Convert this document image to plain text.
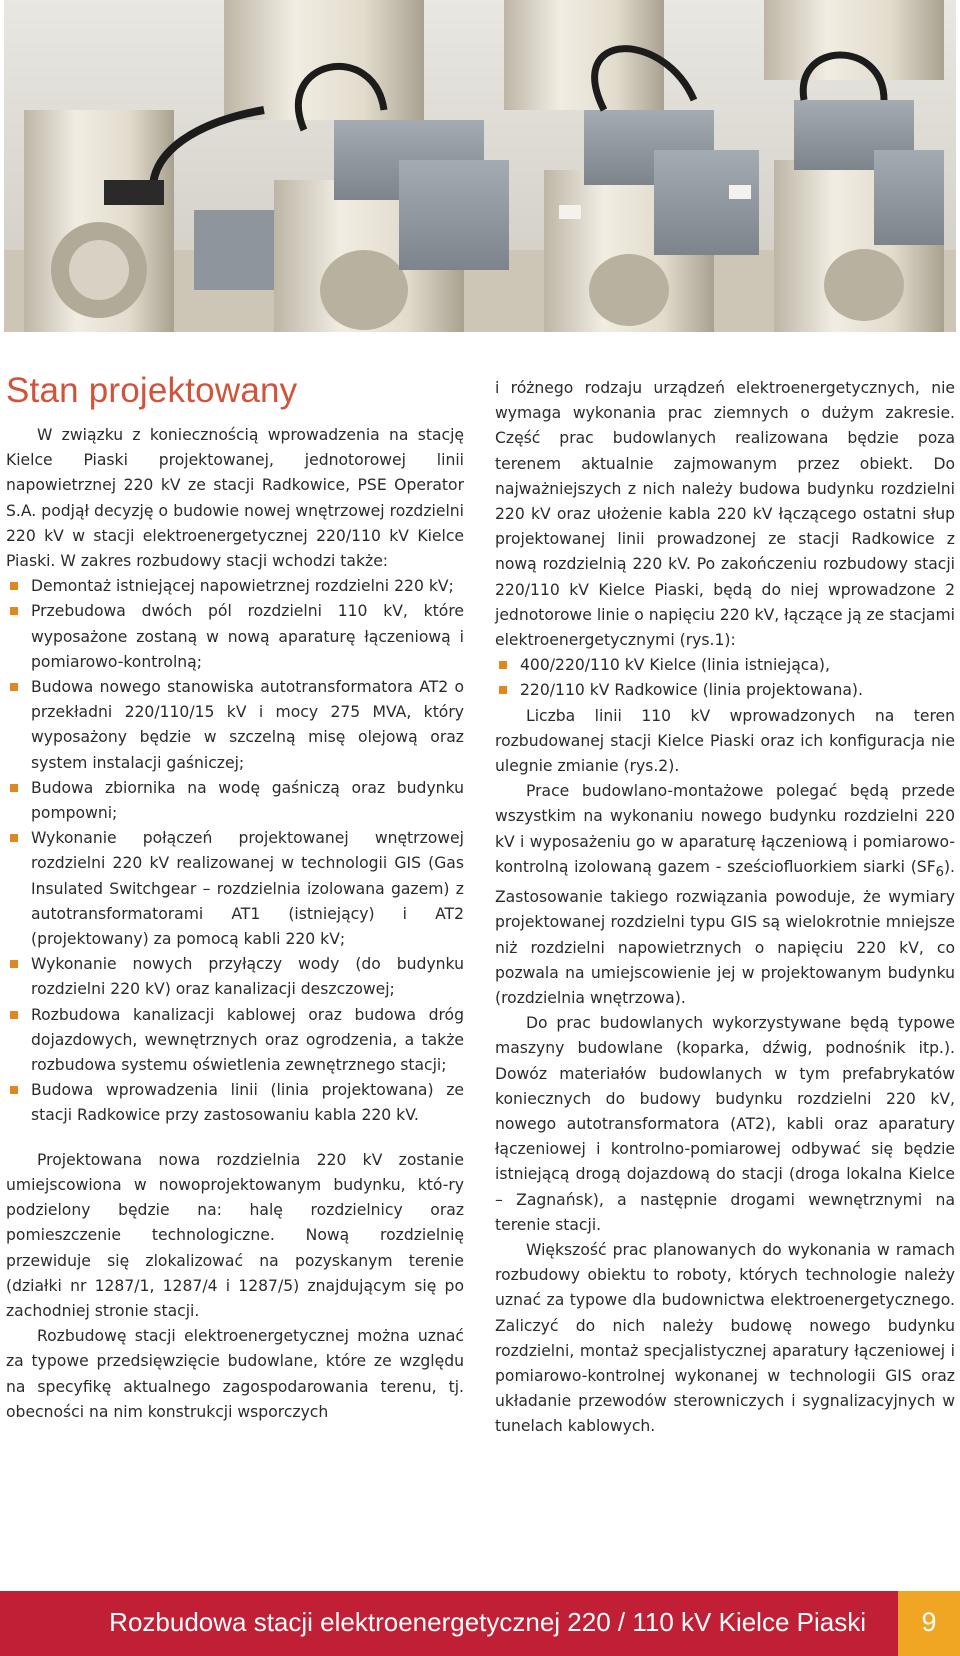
Stan projektowany

W związku z koniecznością wprowadzenia na stację Kielce Piaski projektowanej, jednotorowej linii napowietrznej 220 kV ze stacji Radkowice, PSE Operator S.A. podjął decyzję o budowie nowej wnętrzowej rozdzielni 220 kV w stacji elektroenergetycznej 220/110 kV Kielce Piaski. W zakres rozbudowy stacji wchodzi także:

Demontaż istniejącej napowietrznej rozdzielni 220 kV;
Przebudowa dwóch pól rozdzielni 110 kV, które wyposażone zostaną w nową aparaturę łączeniową i pomiarowo-kontrolną;
Budowa nowego stanowiska autotransformatora AT2 o przekładni 220/110/15 kV i mocy 275 MVA, który wyposażony będzie w szczelną misę olejową oraz system instalacji gaśniczej;
Budowa zbiornika na wodę gaśniczą oraz budynku pompowni;
Wykonanie połączeń projektowanej wnętrzowej rozdzielni 220 kV realizowanej w technologii GIS (Gas Insulated Switchgear – rozdzielnia izolowana gazem) z autotransformatorami AT1 (istniejący) i AT2 (projektowany) za pomocą kabli 220 kV;
Wykonanie nowych przyłączy wody (do budynku rozdzielni 220 kV) oraz kanalizacji deszczowej;
Rozbudowa kanalizacji kablowej oraz budowa dróg dojazdowych, wewnętrznych oraz ogrodzenia, a także rozbudowa systemu oświetlenia zewnętrznego stacji;
Budowa wprowadzenia linii (linia projektowana) ze stacji Radkowice przy zastosowaniu kabla 220 kV.

Projektowana nowa rozdzielnia 220 kV zostanie umiejscowiona w nowoprojektowanym budynku, któ-ry podzielony będzie na: halę rozdzielnicy oraz pomieszczenie technologiczne. Nową rozdzielnię przewiduje się zlokalizować na pozyskanym terenie (działki nr 1287/1, 1287/4 i 1287/5) znajdującym się po zachodniej stronie stacji.

Rozbudowę stacji elektroenergetycznej można uznać za typowe przedsięwzięcie budowlane, które ze względu na specyfikę aktualnego zagospodarowania terenu, tj. obecności na nim konstrukcji wsporczych

i różnego rodzaju urządzeń elektroenergetycznych, nie wymaga wykonania prac ziemnych o dużym zakresie. Część prac budowlanych realizowana będzie poza terenem aktualnie zajmowanym przez obiekt. Do najważniejszych z nich należy budowa budynku rozdzielni 220 kV oraz ułożenie kabla 220 kV łączącego ostatni słup projektowanej linii prowadzonej ze stacji Radkowice z nową rozdzielnią 220 kV. Po zakończeniu rozbudowy stacji 220/110 kV Kielce Piaski, będą do niej wprowadzone 2 jednotorowe linie o napięciu 220 kV, łączące ją ze stacjami elektroenergetycznymi (rys.1):

400/220/110 kV Kielce (linia istniejąca),
220/110 kV Radkowice (linia projektowana).

Liczba linii 110 kV wprowadzonych na teren rozbudowanej stacji Kielce Piaski oraz ich konfiguracja nie ulegnie zmianie (rys.2).

Prace budowlano-montażowe polegać będą przede wszystkim na wykonaniu nowego budynku rozdzielni 220 kV i wyposażeniu go w aparaturę łączeniową i pomiarowo-kontrolną izolowaną gazem - sześciofluorkiem siarki $(SF_6)$. Zastosowanie takiego rozwiązania powoduje, że wymiary projektowanej rozdzielni typu GIS są wielokrotnie mniejsze niż rozdzielni napowietrznych o napięciu 220 kV, co pozwala na umiejscowienie jej w projektowanym budynku (rozdzielnia wnętrzowa).

Do prac budowlanych wykorzystywane będą typowe maszyny budowlane (koparka, dźwig, podnośnik itp.). Dowóz materiałów budowlanych w tym prefabrykatów koniecznych do budowy budynku rozdzielni 220 kV, nowego autotransformatora (AT2), kabli oraz aparatury łączeniowej i kontrolno-pomiarowej odbywać się będzie istniejącą drogą dojazdową do stacji (droga lokalna Kielce – Zagnańsk), a następnie drogami wewnętrznymi na terenie stacji.

Większość prac planowanych do wykonania w ramach rozbudowy obiektu to roboty, których technologie należy uznać za typowe dla budownictwa elektroenergetycznego. Zaliczyć do nich należy budowę nowego budynku rozdzielni, montaż specjalistycznej aparatury łączeniowej i pomiarowo-kontrolnej wykonanej w technologii GIS oraz układanie przewodów sterowniczych i sygnalizacyjnych w tunelach kablowych.

Rozbudowa stacji elektroenergetycznej 220 / 110 kV Kielce Piaski	9
